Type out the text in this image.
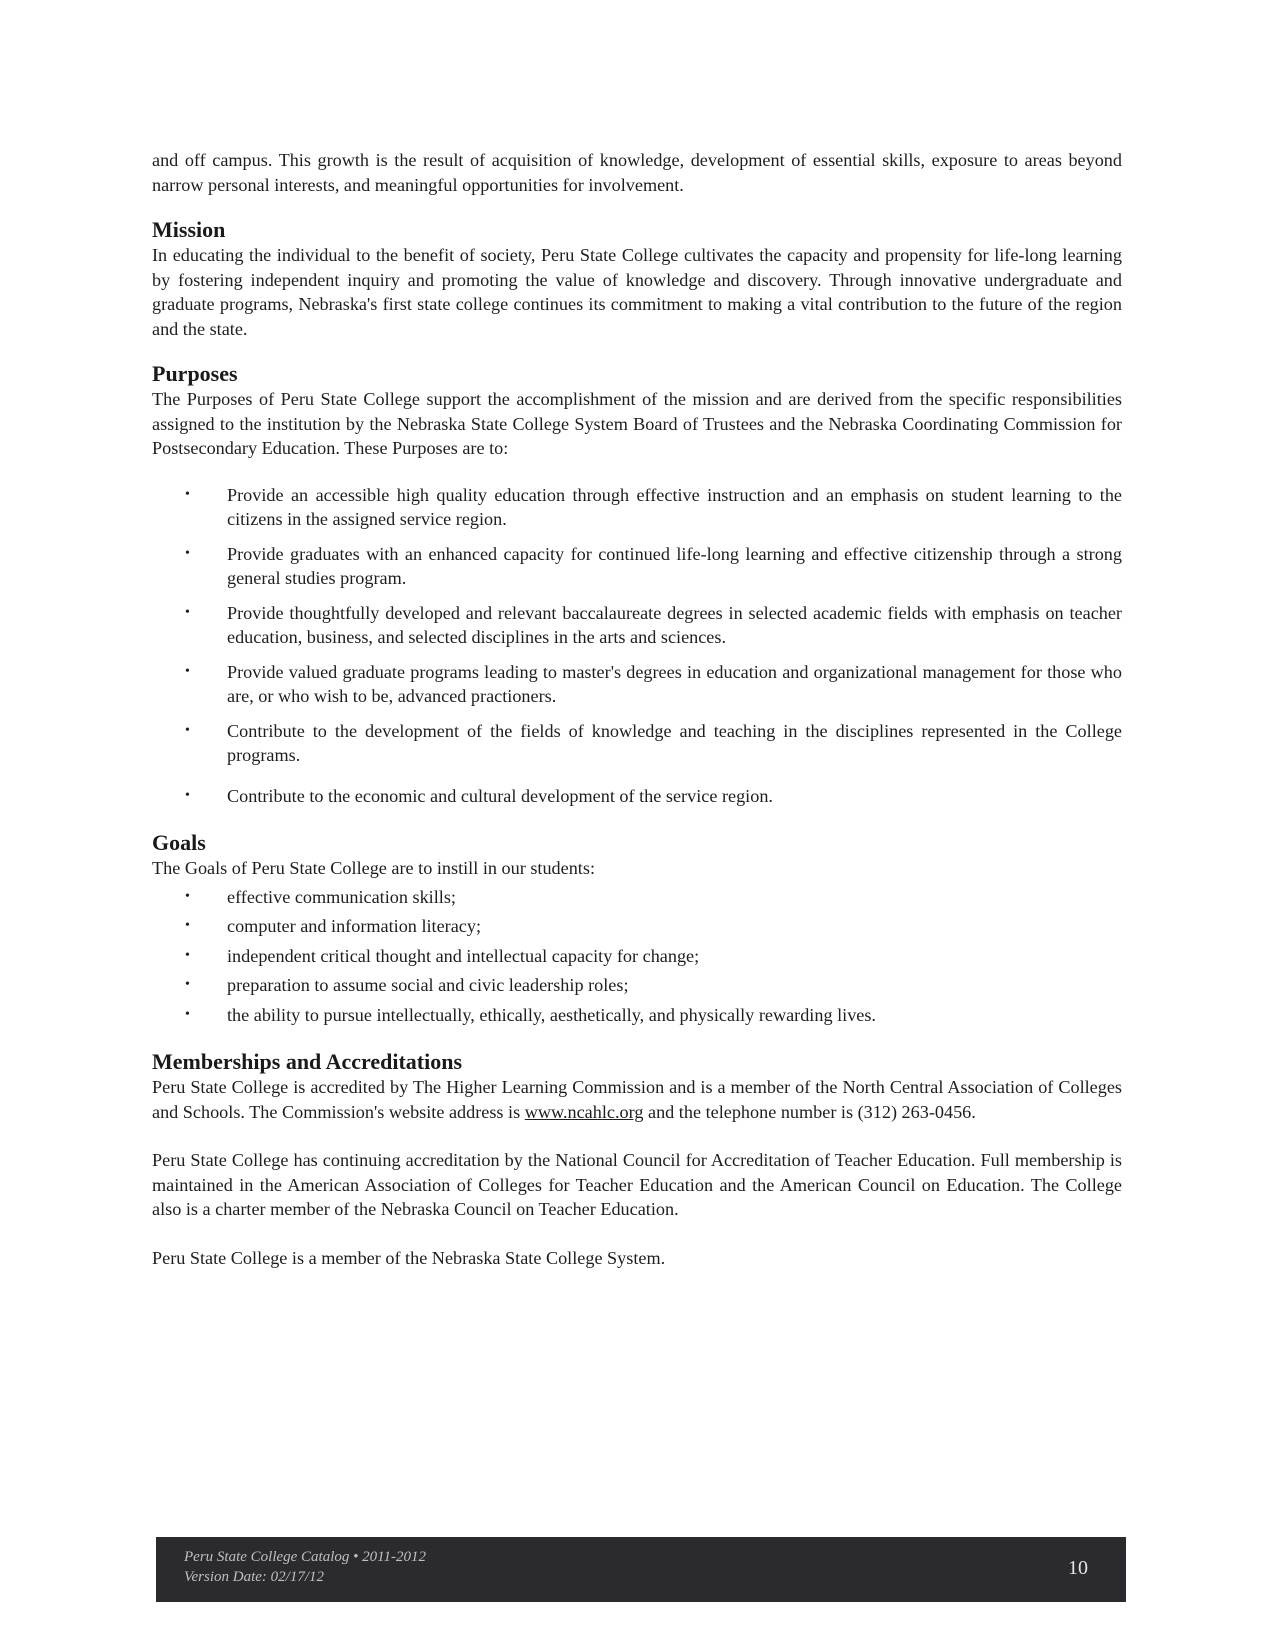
and off campus. This growth is the result of acquisition of knowledge, development of essential skills, exposure to areas beyond narrow personal interests, and meaningful opportunities for involvement.

Mission

In educating the individual to the benefit of society, Peru State College cultivates the capacity and propensity for life-long learning by fostering independent inquiry and promoting the value of knowledge and discovery. Through innovative undergraduate and graduate programs, Nebraska's first state college continues its commitment to making a vital contribution to the future of the region and the state.

Purposes

The Purposes of Peru State College support the accomplishment of the mission and are derived from the specific responsibilities assigned to the institution by the Nebraska State College System Board of Trustees and the Nebraska Coordinating Commission for Postsecondary Education. These Purposes are to:

• Provide an accessible high quality education through effective instruction and an emphasis on student learning to the citizens in the assigned service region.
• Provide graduates with an enhanced capacity for continued life-long learning and effective citizenship through a strong general studies program.
• Provide thoughtfully developed and relevant baccalaureate degrees in selected academic fields with emphasis on teacher education, business, and selected disciplines in the arts and sciences.
• Provide valued graduate programs leading to master's degrees in education and organizational management for those who are, or who wish to be, advanced practioners.
• Contribute to the development of the fields of knowledge and teaching in the disciplines represented in the College programs.
• Contribute to the economic and cultural development of the service region.
Goals

The Goals of Peru State College are to instill in our students:

• effective communication skills;
• computer and information literacy;
• independent critical thought and intellectual capacity for change;
• preparation to assume social and civic leadership roles;
• the ability to pursue intellectually, ethically, aesthetically, and physically rewarding lives.
Memberships and Accreditations

Peru State College is accredited by The Higher Learning Commission and is a member of the North Central Association of Colleges and Schools. The Commission's website address is www.ncahlc.org and the telephone number is (312) 263-0456.

Peru State College has continuing accreditation by the National Council for Accreditation of Teacher Education. Full membership is maintained in the American Association of Colleges for Teacher Education and the American Council on Education. The College also is a charter member of the Nebraska Council on Teacher Education.

Peru State College is a member of the Nebraska State College System.

Peru State College Catalog • 2011-2012
Version Date: 02/17/12	10
